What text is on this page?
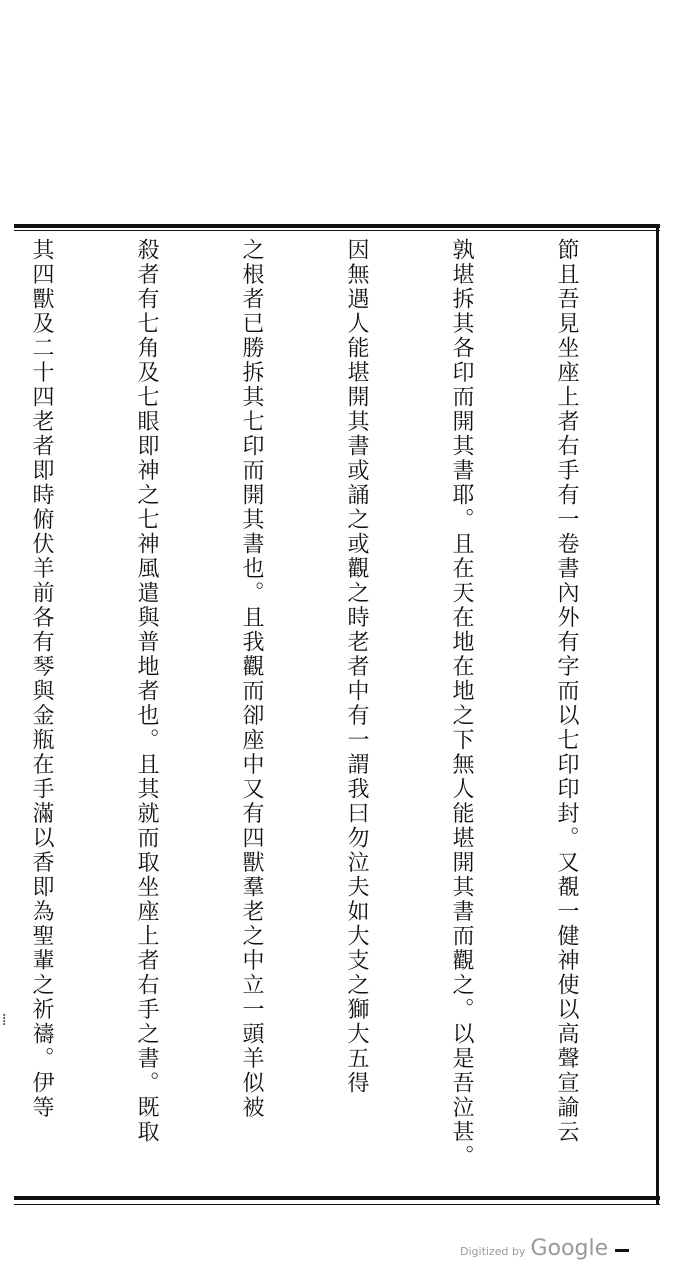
節且吾見坐座上者右手有一卷書內外有字而以七印印封。又覩一健神使以高聲宣諭云

孰堪拆其各印而開其書耶。且在天在地在地之下無人能堪開其書而觀之。以是吾泣甚。

因無遇人能堪開其書或誦之或觀之時老者中有一謂我曰勿泣夫如大支之獅大五得

之根者已勝拆其七印而開其書也。且我觀而卻座中又有四獸羣老之中立一頭羊似被

殺者有七角及七眼即神之七神風遣與普地者也。且其就而取坐座上者右手之書。既取

其四獸及二十四老者即時俯伏羊前各有琴與金瓶在手滿以香即為聖輩之祈禱。伊等

⁞
Digitized by Google
